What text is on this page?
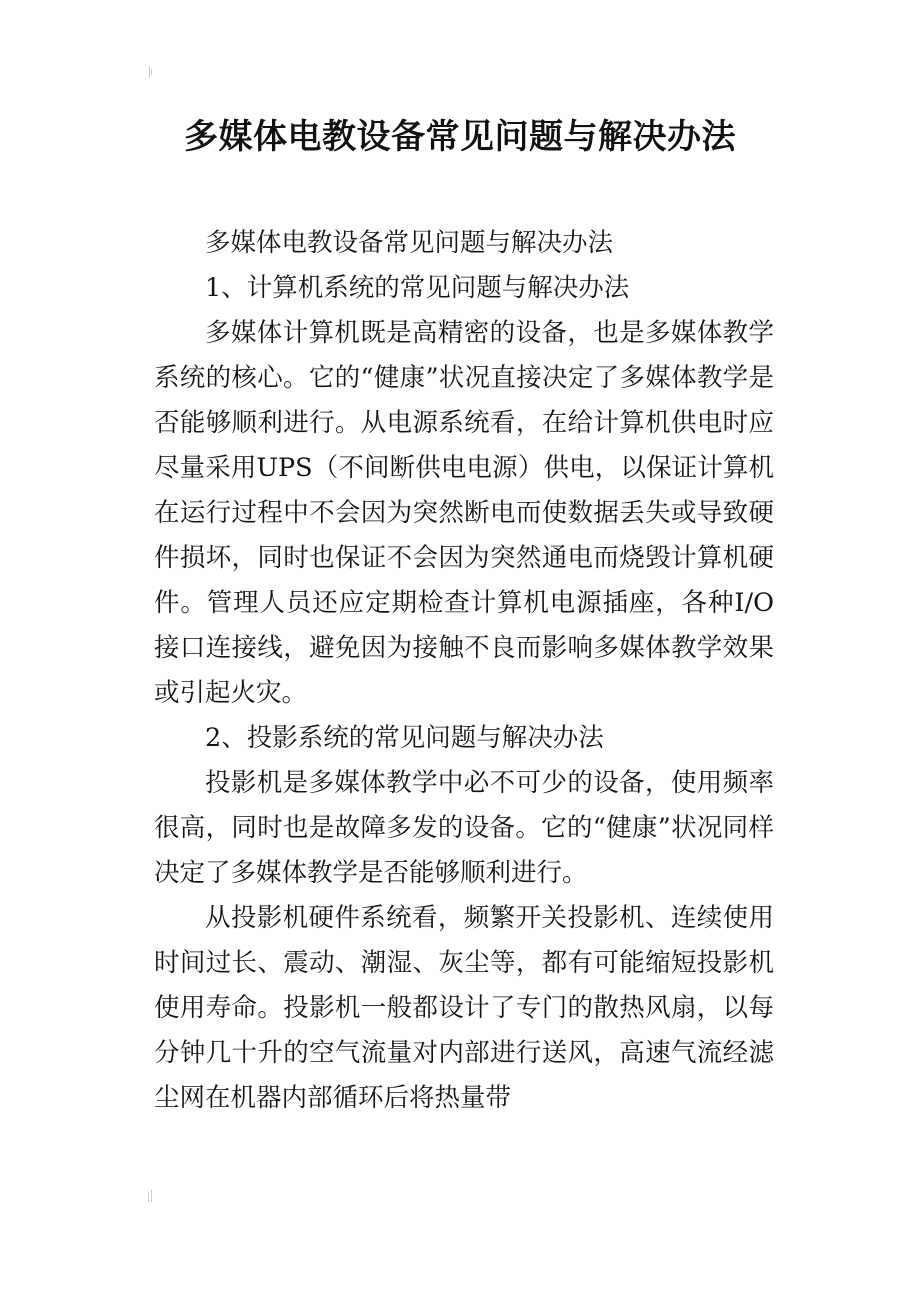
多媒体电教设备常见问题与解决办法

多媒体电教设备常见问题与解决办法

1、计算机系统的常见问题与解决办法

多媒体计算机既是高精密的设备，也是多媒体教学系统的核心。它的“健康”状况直接决定了多媒体教学是否能够顺利进行。从电源系统看，在给计算机供电时应尽量采用UPS（不间断供电电源）供电，以保证计算机在运行过程中不会因为突然断电而使数据丢失或导致硬件损坏，同时也保证不会因为突然通电而烧毁计算机硬件。管理人员还应定期检查计算机电源插座，各种I/O 接口连接线，避免因为接触不良而影响多媒体教学效果或引起火灾。

2、投影系统的常见问题与解决办法

投影机是多媒体教学中必不可少的设备，使用频率很高，同时也是故障多发的设备。它的“健康”状况同样决定了多媒体教学是否能够顺利进行。

从投影机硬件系统看，频繁开关投影机、连续使用时间过长、震动、潮湿、灰尘等，都有可能缩短投影机使用寿命。投影机一般都设计了专门的散热风扇，以每分钟几十升的空气流量对内部进行送风，高速气流经滤尘网在机器内部循环后将热量带
